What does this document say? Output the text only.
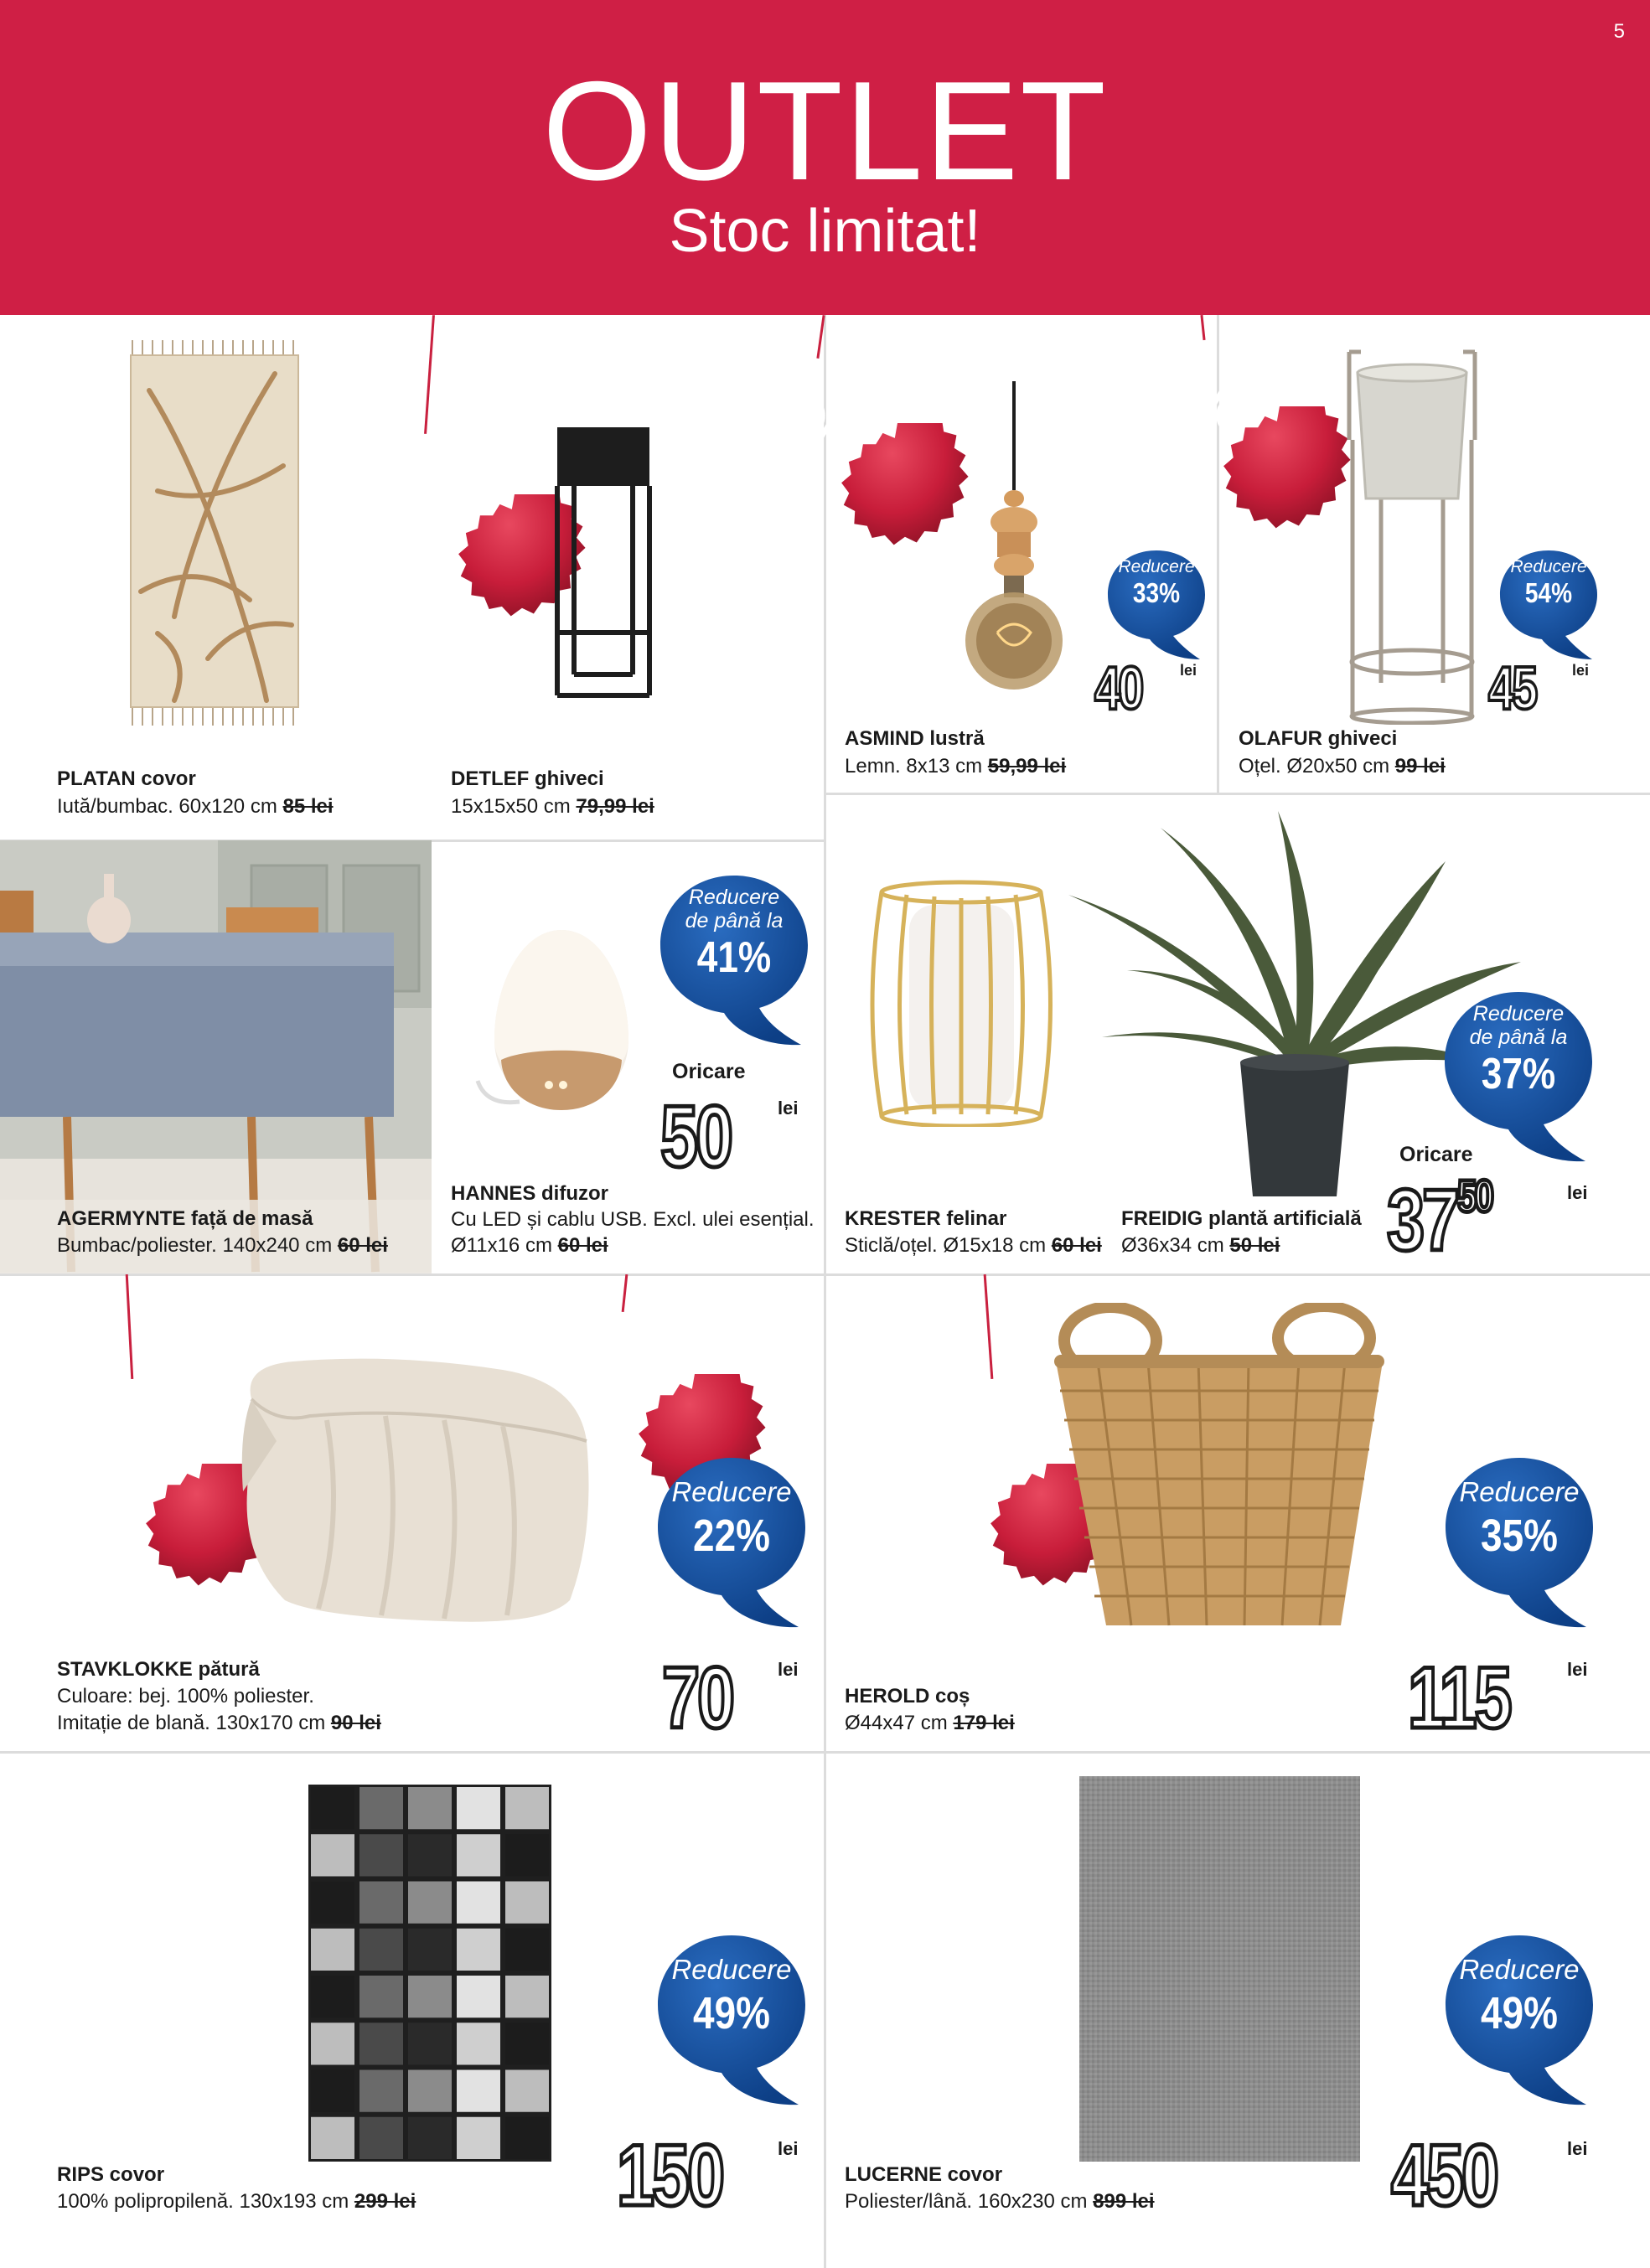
5
OUTLET
Stoc limitat!
PLATAN covor
Iută/bumbac. 60x120 cm 85 lei
%
DETLEF ghiveci
15x15x50 cm 79,99 lei
%
Reducere
33%
40	lei
ASMIND lustră
Lemn. 8x13 cm 59,99 lei
%
Reducere
54%
45 lei
OLAFUR ghiveci
Oțel. Ø20x50 cm 99 lei
AGERMYNTE față de masă
Bumbac/poliester. 140x240 cm 60 lei
Reducere
de până la
41%
Oricare
50	lei
HANNES difuzor
Cu LED și cablu USB. Excl. ulei esențial.
Ø11x16 cm 60 lei
KRESTER felinar
Sticlă/oțel. Ø15x18 cm 60 lei
Reducere
de până la
37%
Oricare
$37^{50}$	lei
FREIDIG plantă artificială
Ø36x34 cm 50 lei
%
%
Reducere
22%
70 lei
STAVKLOKKE pătură
Culoare: bej. 100% poliester.
Imitație de blană. 130x170 cm 90 lei
%	Reducere
35%
115	lei
HEROLD coș
Ø44x47 cm 179 lei
Reducere
49%
150	lei
RIPS covor
100% polipropilenă. 130x193 cm 299 lei
Reducere
49%
450	lei
LUCERNE covor
Poliester/lână. 160x230 cm 899 lei
